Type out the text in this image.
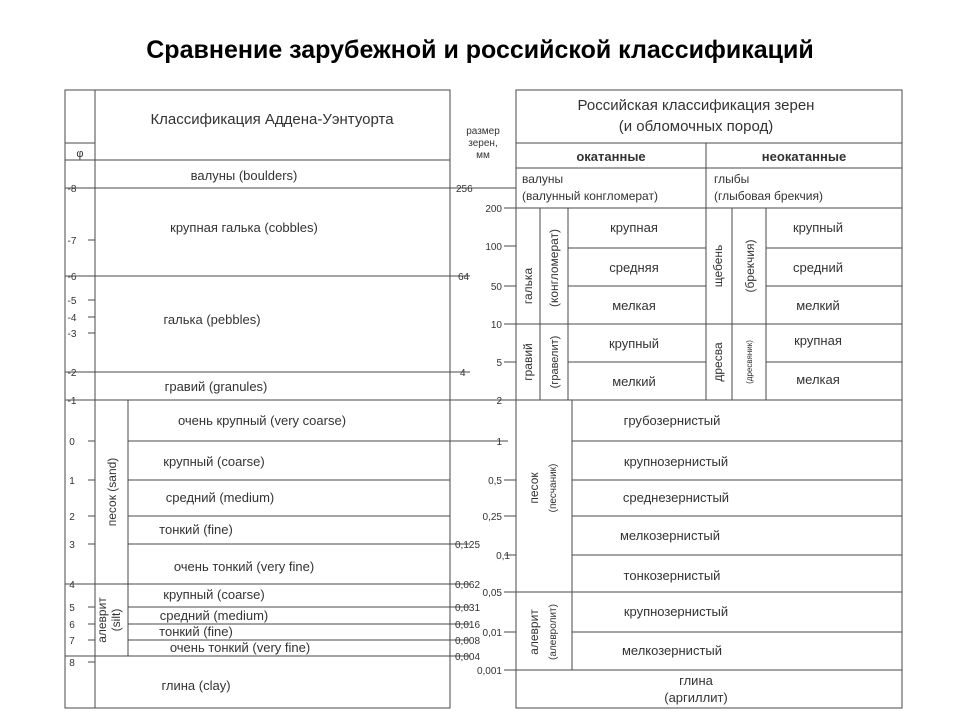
Сравнение зарубежной и российской классификаций
Классификация Аддена-Уэнтуорта
φ
валуны (boulders)
крупная галька (cobbles)
галька (pebbles)
гравий (granules)
очень крупный (very coarse)
крупный (coarse)
средний (medium)
тонкий (fine)
очень тонкий (very fine)
крупный (coarse)
средний (medium)
тонкий (fine)
очень тонкий (very fine)
глина (clay)
песок (sand)
алеврит (silt)
размер
зерен,
мм
256
64
4
0,125
0,062
0,031
0,016
0,008
0,004
200
100
50
10
5
2
1
0,5
0,25
0,1
0,05
0,01
0,001
Российская классификация зерен
(и обломочных пород)
окатанные	неокатанные
валуны
(валунный конгломерат)
глыбы
(глыбовая брекчия)
галька (конгломерат)
гравий (гравелит)
щебень (брекчия)
дресва	(дресвяник)
песок (песчаник)
алеврит (алевролит)
крупная
средняя
мелкая
крупный
мелкий
крупный
средний
мелкий
крупная
мелкая
грубозернистый
крупнозернистый
среднезернистый
мелкозернистый
тонкозернистый
крупнозернистый
мелкозернистый
глина
(аргиллит)
-8
-7
-6
-5
-4
-3
-2
-1
0
1
2
3
4
5
6
7
8
